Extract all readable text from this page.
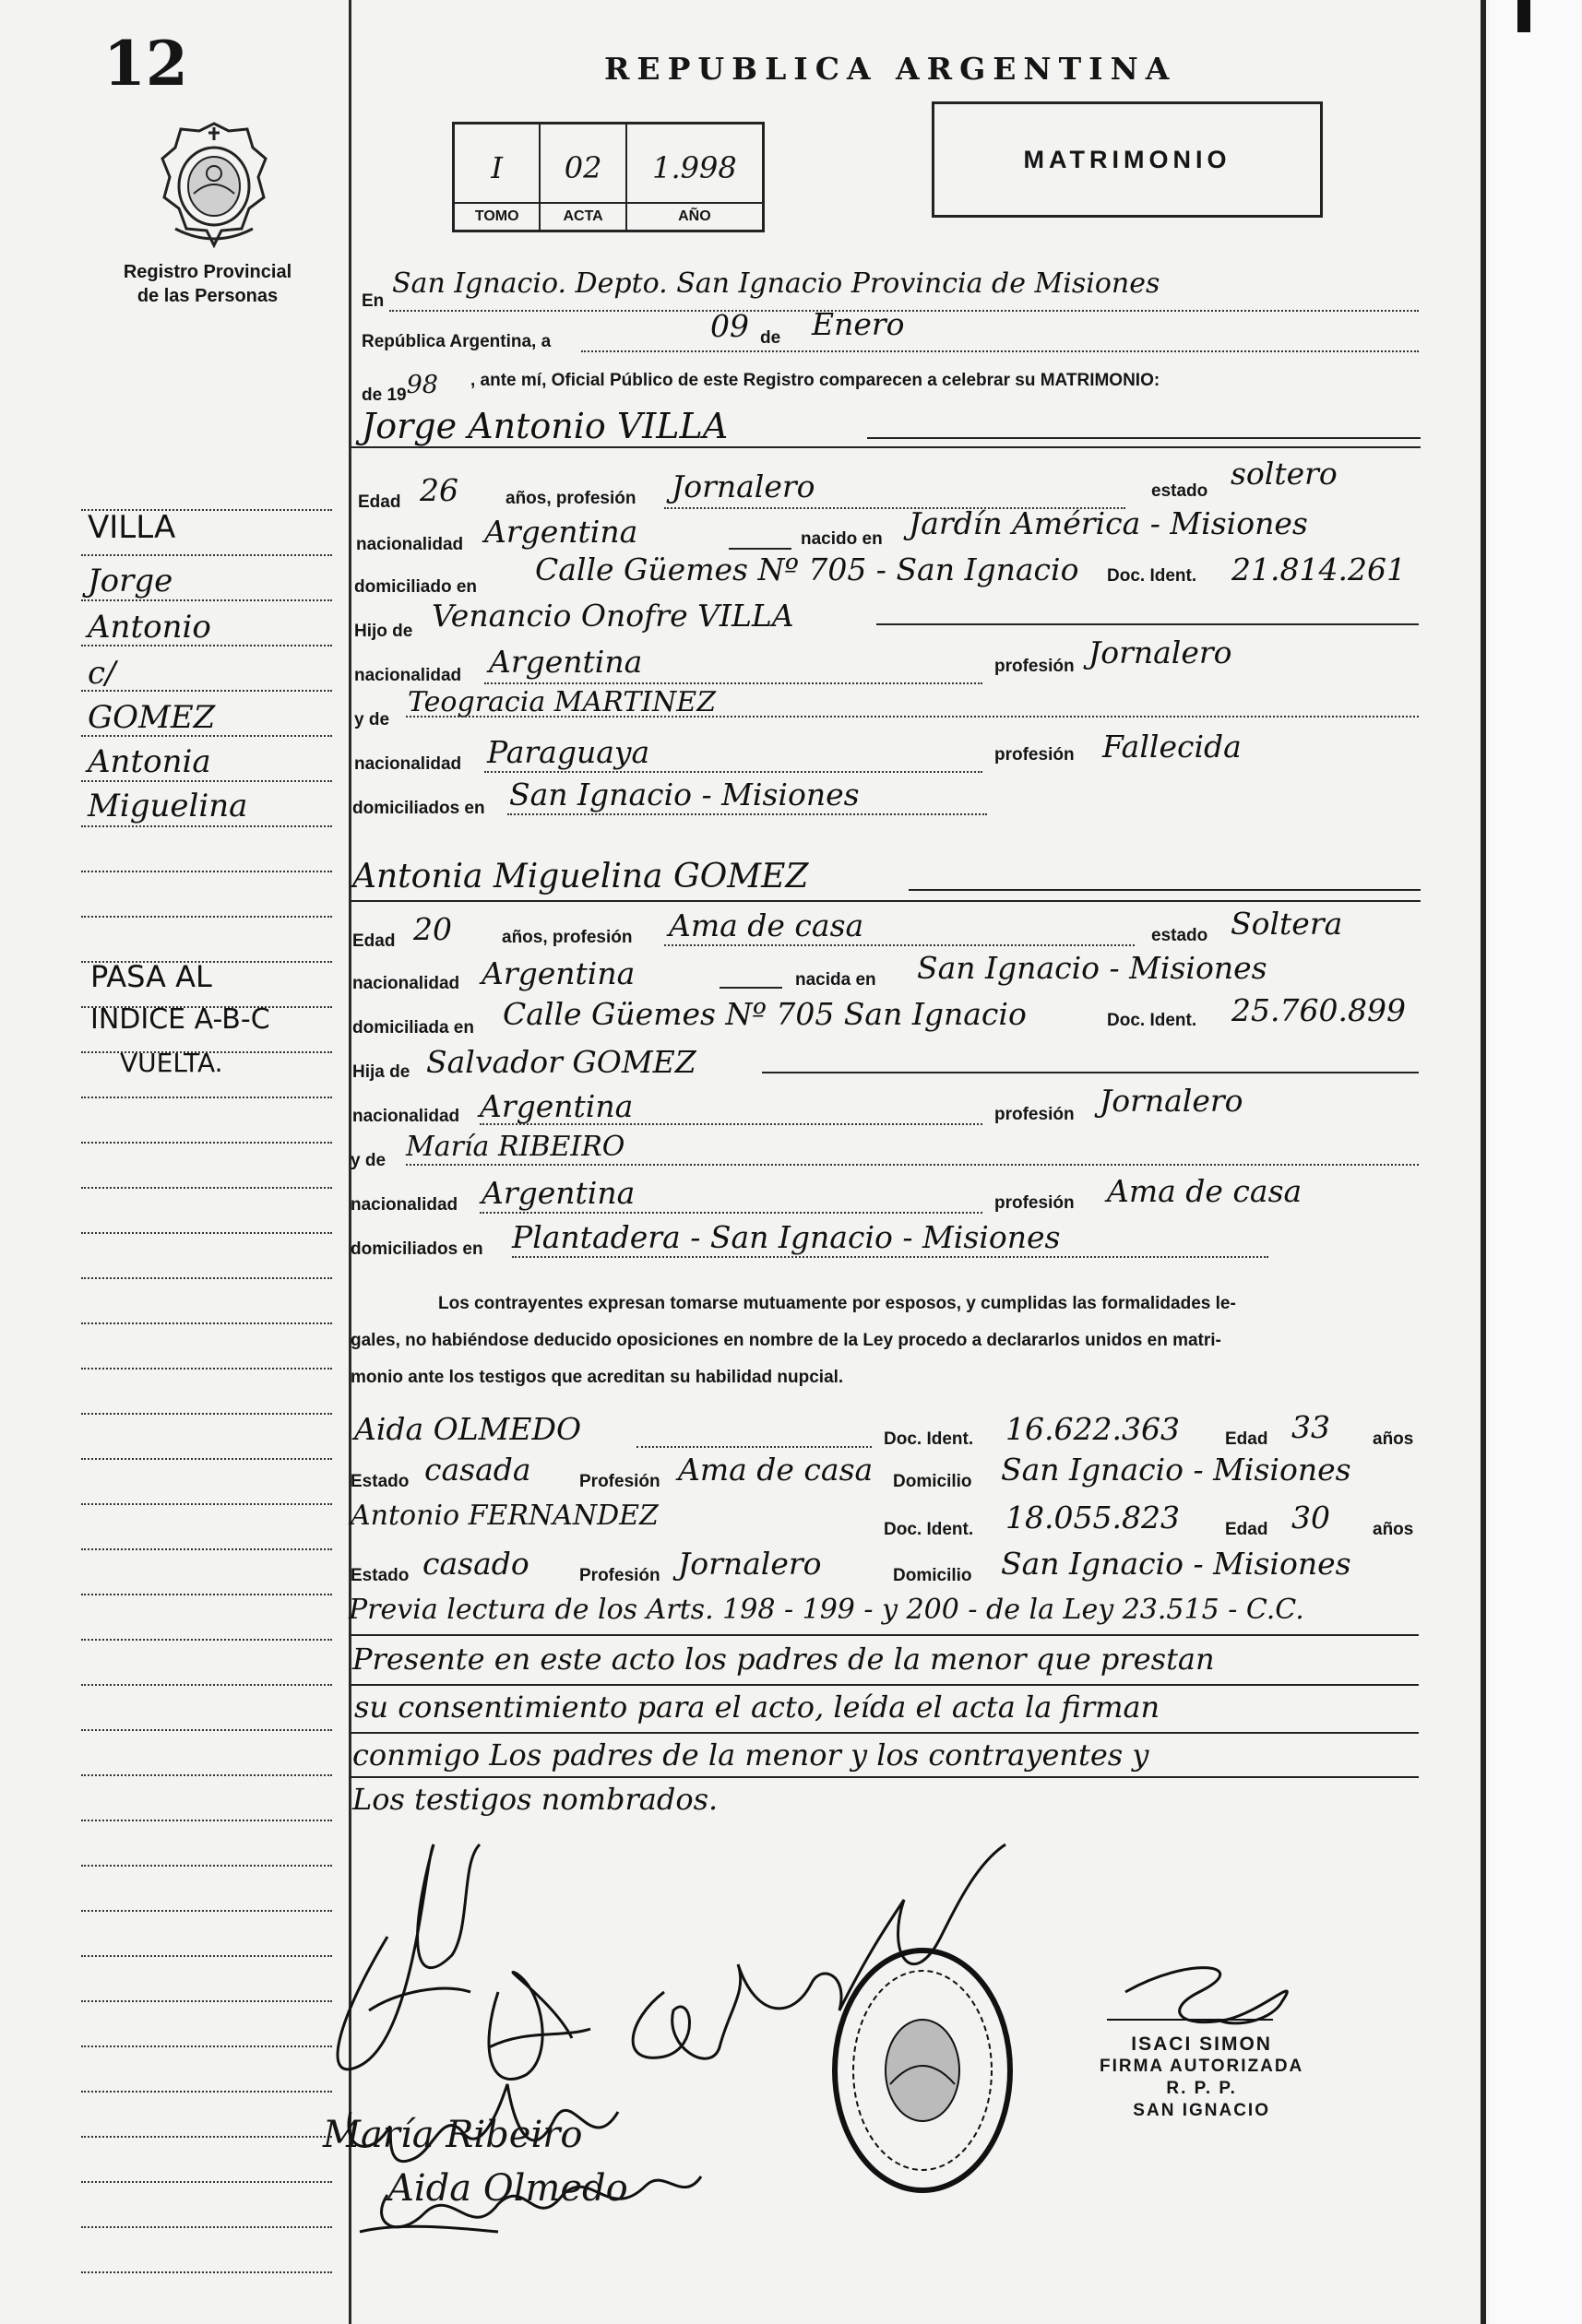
12
Registro Provincial
de las Personas
VILLA
Jorge
Antonio
c/
GOMEZ
Antonia
Miguelina
PASA AL
INDICE A-B-C
VUELTA.
REPUBLICA ARGENTINA
I
TOMO
02
ACTA
1.998
AÑO
MATRIMONIO
En
San Ignacio. Depto. San Ignacio Provincia de Misiones
República Argentina, a	09 de Enero
de 1998 , ante mí, Oficial Público de este Registro comparecen a celebrar su MATRIMONIO:
Jorge Antonio VILLA
Edad 26	años, profesión Jornalero	estado soltero
nacionalidad Argentina	nacido en Jardín América - Misiones
domiciliado en Calle Güemes Nº 705 - San Ignacio Doc. Ident. 21.814.261
Hijo de Venancio Onofre VILLA
nacionalidad Argentina	profesión Jornalero
y de
Teogracia MARTINEZ
nacionalidad Paraguaya	profesión Fallecida
domiciliados en San Ignacio - Misiones
Antonia Miguelina GOMEZ
Edad 20	años, profesión Ama de casa	estado Soltera
nacionalidad Argentina	nacida en San Ignacio - Misiones
domiciliada en Calle Güemes Nº 705 San Ignacio	Doc. Ident. 25.760.899
Hija de Salvador GOMEZ
nacionalidad Argentina	profesión Jornalero
y de María RIBEIRO
nacionalidad Argentina	profesión Ama de casa
domiciliados en Plantadera - San Ignacio - Misiones
Los contrayentes expresan tomarse mutuamente por esposos, y cumplidas las formalidades le-
gales, no habiéndose deducido oposiciones en nombre de la Ley procedo a declararlos unidos en matri-
monio ante los testigos que acreditan su habilidad nupcial.
Aida OLMEDO	Doc. Ident. 16.622.363	Edad 33 años
Estado casada	Profesión Ama de casa Domicilio San Ignacio - Misiones
Antonio FERNANDEZ	Doc. Ident. 18.055.823	Edad 30 años
Estado casado	Profesión Jornalero	Domicilio San Ignacio - Misiones
Previa lectura de los Arts. 198 - 199 - y 200 - de la Ley 23.515 - C.C.
Presente en este acto los padres de la menor que prestan
su consentimiento para el acto, leída el acta la firman
conmigo Los padres de la menor y los contrayentes y
Los testigos nombrados.
María Ribeiro
Aida Olmedo
ISACI SIMON
FIRMA AUTORIZADA
R. P. P.
SAN IGNACIO
